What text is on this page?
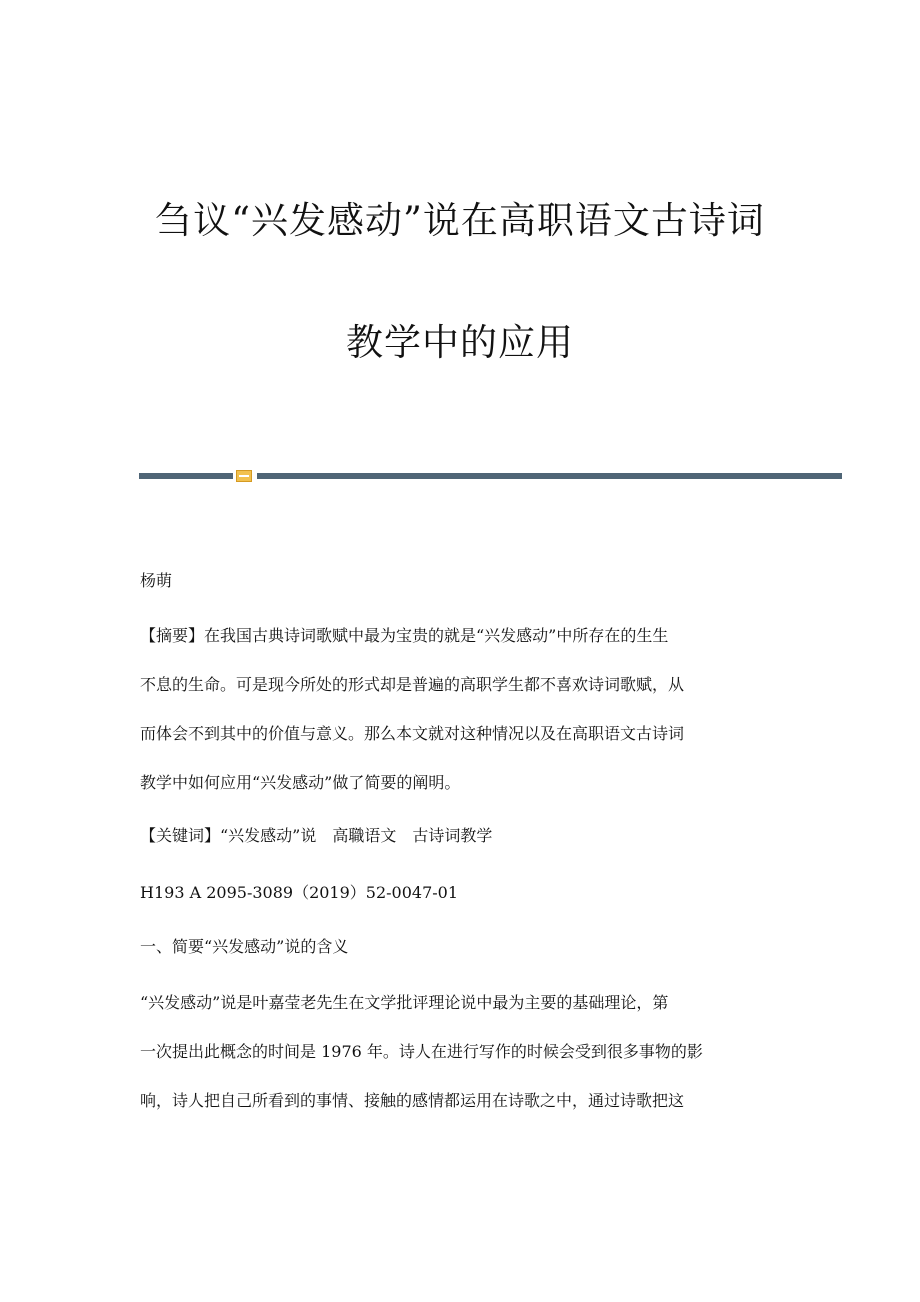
刍议“兴发感动”说在高职语文古诗词
教学中的应用
杨萌

【摘要】在我国古典诗词歌赋中最为宝贵的就是“兴发感动”中所存在的生生

不息的生命。可是现今所处的形式却是普遍的高职学生都不喜欢诗词歌赋，从

而体会不到其中的价值与意义。那么本文就对这种情况以及在高职语文古诗词

教学中如何应用“兴发感动”做了简要的阐明。

【关键词】“兴发感动”说　高職语文　古诗词教学
H193 A 2095-3089（2019）52-0047-01
一、简要“兴发感动”说的含义

“兴发感动”说是叶嘉莹老先生在文学批评理论说中最为主要的基础理论，第

一次提出此概念的时间是 1976 年。诗人在进行写作的时候会受到很多事物的影

响，诗人把自己所看到的事情、接触的感情都运用在诗歌之中，通过诗歌把这
